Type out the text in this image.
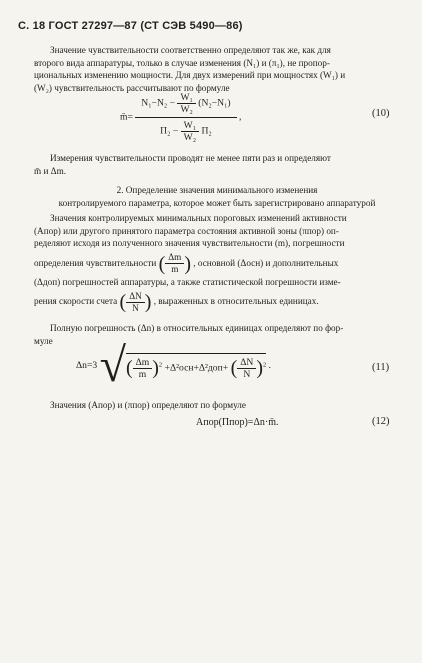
С. 18 ГОСТ 27297—87 (СТ СЭВ 5490—86)
Значение чувствительности соответственно определяют так же, как для
второго вида аппаратуры, только в случае изменения (N₁) и (π₁), не пропор-
циональных изменению мощности. Для двух измерений при мощностях (W₁) и
(W₂) чувствительность рассчитывают по формуле
m̄=
$N_1-N_2 - \frac{\text{W₁}}{\text{W₂}} (N_2-N_1)$
$\Pi_2 - \frac{\text{W₁}}{\text{W₂}} \Pi_2$
,	(10)
Измерения чувствительности проводят не менее пяти раз и определяют
m̄ и Δm.
2. Определение значения минимального изменения
контролируемого параметра, которое может быть зарегистрировано аппаратурой
Значения контролируемых минимальных пороговых изменений активности
(Aпор) или другого принятого параметра состояния активной зоны (πпор) оп-
ределяют исходя из полученного значения чувствительности (m), погрешности
определения чувствительности ( $\frac{\Delta m}{m}$ ) , основной (Δосн) и дополнительных
(Δдоп) погрешностей аппаратуры, а также статистической погрешности изме-
рения скорости счета ( $\frac{\Delta N}{N}$ ) , выраженных в относительных единицах.
Полную погрешность (Δn) в относительных единицах определяют по фор-
муле
Δn=3 √( $\frac{\Delta m}{m} )^2 +\Delta^2осн+\Delta^2доп+$ ( $\frac{\Delta N}{N} )^2$ .	(11)
Значения (Aпор) и (πпор) определяют по формуле
Aпор(Πпор)=Δn·m̄.	(12)
